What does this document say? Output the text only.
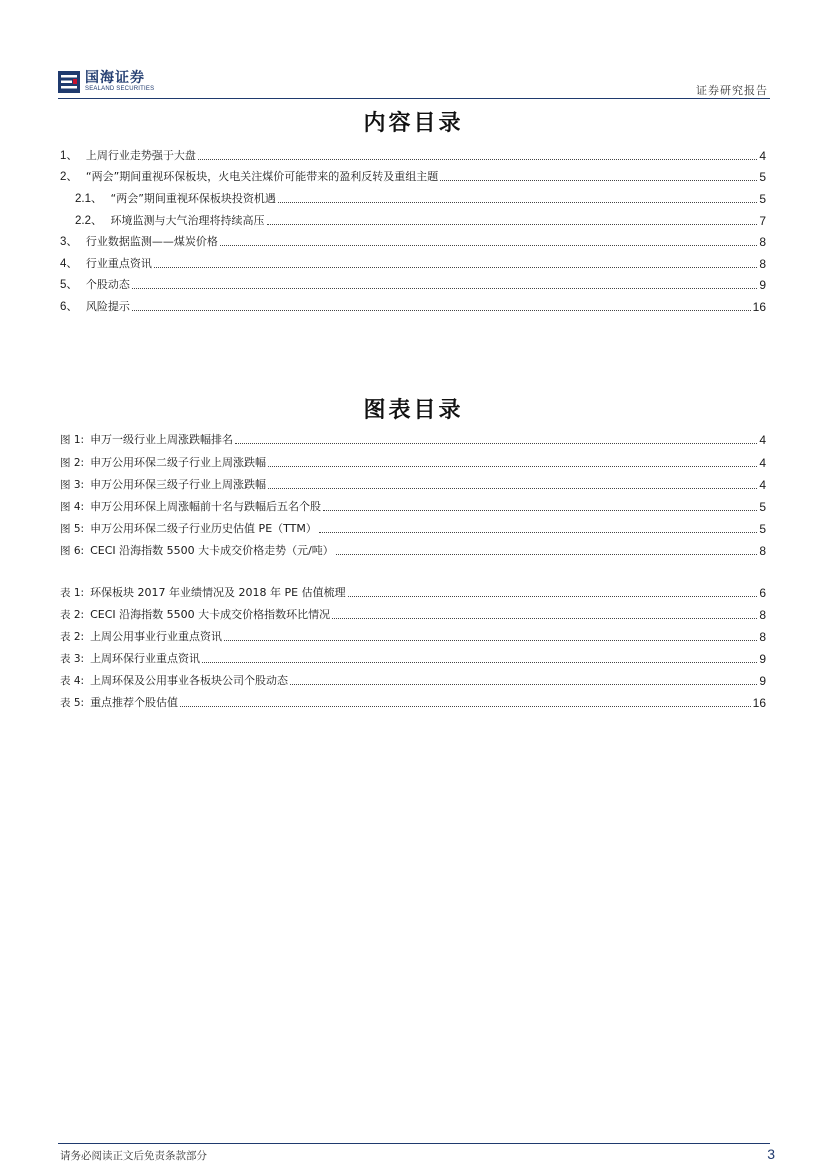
国海证券
SEALAND SECURITIES	证券研究报告
内容目录
1、 上周行业走势强于大盘	4
2、 “两会”期间重视环保板块，火电关注煤价可能带来的盈利反转及重组主题	5
2.1、 “两会”期间重视环保板块投资机遇	5
2.2、 环境监测与大气治理将持续高压	7
3、 行业数据监测——煤炭价格	8
4、 行业重点资讯	8
5、 个股动态	9
6、 风险提示	16
图表目录
图 1: 申万一级行业上周涨跌幅排名	4
图 2: 申万公用环保二级子行业上周涨跌幅	4
图 3: 申万公用环保三级子行业上周涨跌幅	4
图 4: 申万公用环保上周涨幅前十名与跌幅后五名个股	5
图 5: 申万公用环保二级子行业历史估值 PE（TTM）	5
图 6: CECI 沿海指数 5500 大卡成交价格走势（元/吨）	8
表 1: 环保板块 2017 年业绩情况及 2018 年 PE 估值梳理	6
表 2: CECI 沿海指数 5500 大卡成交价格指数环比情况	8
表 2: 上周公用事业行业重点资讯	8
表 3: 上周环保行业重点资讯	9
表 4: 上周环保及公用事业各板块公司个股动态	9
表 5: 重点推荐个股估值	16
请务必阅读正文后免责条款部分	3
